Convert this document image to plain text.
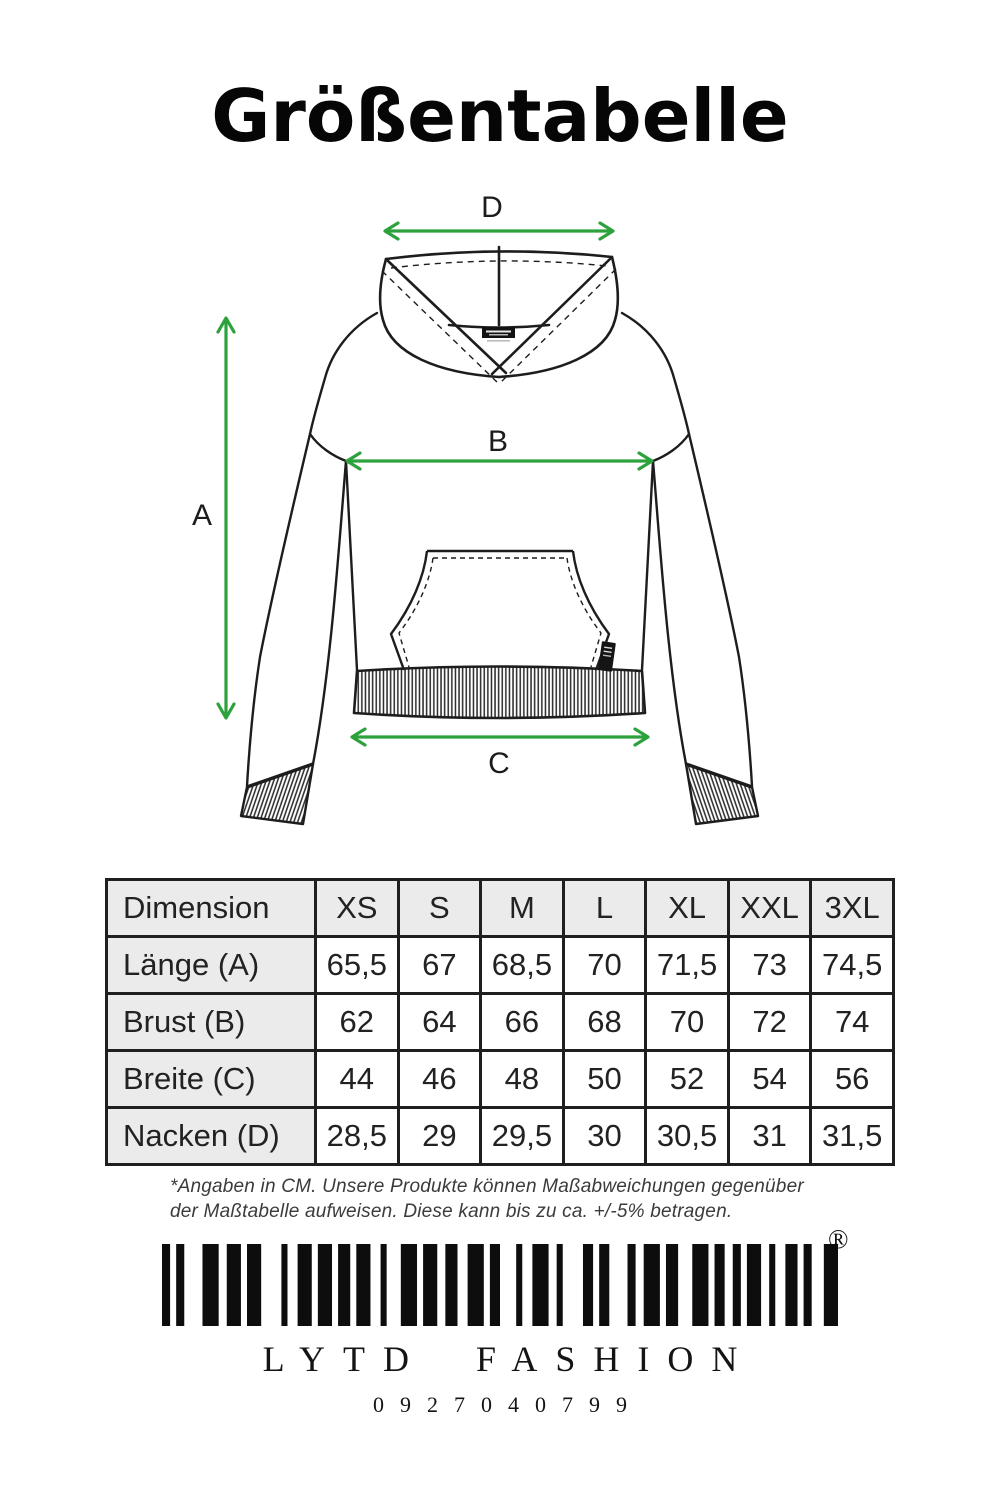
Größentabelle
D
A
B
C
Dimension	XS	S	M	L	XL	XXL	3XL
Länge (A)	65,5	67	68,5	70	71,5	73	74,5
Brust (B)	62	64	66	68	70	72	74
Breite (C)	44	46	48	50	52	54	56
Nacken (D)	28,5	29	29,5	30	30,5	31	31,5
*Angaben in CM. Unsere Produkte können Maßabweichungen gegenüber
der Maßtabelle aufweisen. Diese kann bis zu ca. +/-5% betragen.
®
LYTD FASHION
0927040799
